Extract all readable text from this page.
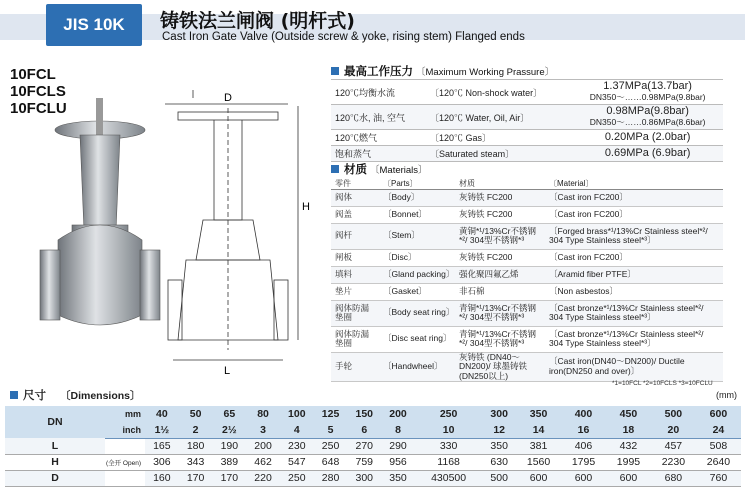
JIS 10K	铸铁法兰闸阀 (明杆式)
Cast Iron Gate Valve (Outside screw & yoke, rising stem) Flanged ends
10FCL
10FCLS
10FCLU
D
H
L
最高工作压力 〔Maximum Working Prassure〕
120℃均衡水流	〔120℃ Non-shock water〕	1.37MPa(13.7bar)
DN350～……0.98MPa(9.8bar)

120℃水, 油, 空气	〔120℃ Water, Oil, Air〕	0.98MPa(9.8bar)
DN350～……0.86MPa(8.6bar)

120℃燃气	〔120℃ Gas〕	0.20MPa (2.0bar)
饱和蒸气	〔Saturated steam〕	0.69MPa (6.9bar)
材质 〔Materials〕
零件	〔Parts〕	材质	〔Material〕
阀体	〔Body〕	灰铸铁 FC200	〔Cast iron FC200〕
阀盖	〔Bonnet〕	灰铸铁 FC200	〔Cast iron FC200〕
阀杆	〔Stem〕	黄铜*¹/13%Cr不锈钢*²/ 304型不锈钢*³	〔Forged brass*¹/13%Cr Stainless steel*²/ 304 Type Stainless steel*³〕
闸板	〔Disc〕	灰铸铁 FC200	〔Cast iron FC200〕
填料	〔Gland packing〕	强化聚四氟乙烯	〔Aramid fiber PTFE〕
垫片	〔Gasket〕	非石棉	〔Non asbestos〕
阀体防漏垫圈	〔Body seat ring〕	青铜*¹/13%Cr不锈钢*²/ 304型不锈钢*³	〔Cast bronze*¹/13%Cr Stainless steel*²/ 304 Type Stainless steel*³〕
阀体防漏垫圈	〔Disc seat ring〕	青铜*¹/13%Cr不锈钢*²/ 304型不锈钢*³	〔Cast bronze*¹/13%Cr Stainless steel*²/ 304 Type Stainless steel*³〕
手轮	〔Handwheel〕	灰铸铁 (DN40～DN200)/ 球墨铸铁 (DN250以上)	〔Cast iron(DN40～DN200)/ Ductile iron(DN250 and over)〕
*1=10FCL *2=10FCLS *3=10FCLU
尺寸 〔Dimensions〕	(mm)
DN	mm	40	50	65	80	100	125	150	200	250	300	350	400	450	500	600
	inch	1½	2	2½	3	4	5	6	8	10	12	14	16	18	20	24
L		165	180	190	200	230	250	270	290	330	350	381	406	432	457	508
H	(全开 Open)	306	343	389	462	547	648	759	956	1168	630	1560	1795	1995	2230	2640
D		160	170	170	220	250	280	300	350	430500	500	600	600	600	680	760
